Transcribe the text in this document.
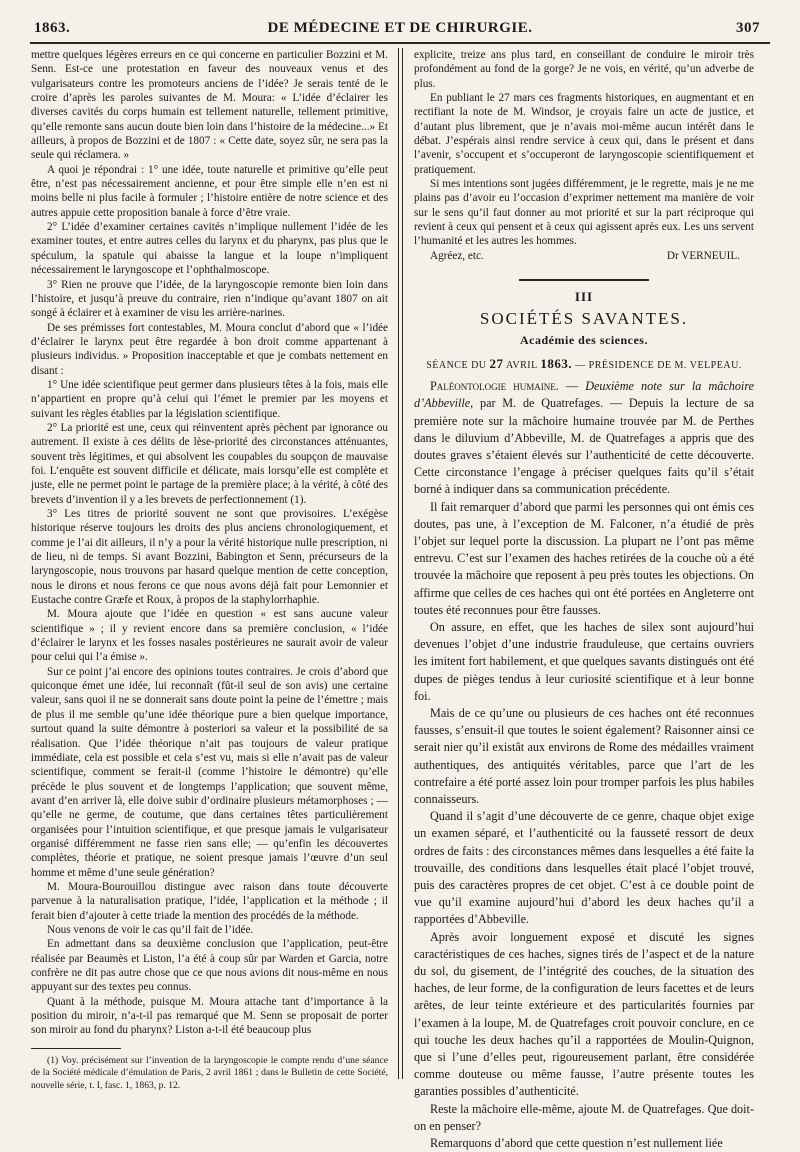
1863.	DE MÉDECINE ET DE CHIRURGIE.	307

mettre quelques légères erreurs en ce qui concerne en particulier Bozzini et M. Senn. Est-ce une protestation en faveur des nouveaux venus et des vulgarisateurs contre les promoteurs anciens de l’idée? Je serais tenté de le croire d’après les paroles suivantes de M. Moura: « L’idée d’éclairer les diverses cavités du corps humain est tellement naturelle, tellement primitive, qu’elle remonte sans aucun doute bien loin dans l’histoire de la médecine...» Et ailleurs, à propos de Bozzini et de 1807 : « Cette date, soyez sûr, ne sera pas la seule qui réclamera. »

A quoi je répondrai : 1° une idée, toute naturelle et primitive qu’elle peut être, n’est pas nécessairement ancienne, et pour être simple elle n’en est ni moins belle ni plus facile à formuler ; l’histoire entière de notre science et des autres appuie cette proposition banale à force d’être vraie.

2° L’idée d’examiner certaines cavités n’implique nullement l’idée de les examiner toutes, et entre autres celles du larynx et du pharynx, pas plus que le spéculum, la spatule qui abaisse la langue et la loupe n’impliquent nécessairement le laryngoscope et l’ophthalmoscope.

3° Rien ne prouve que l’idée, de la laryngoscopie remonte bien loin dans l’histoire, et jusqu’à preuve du contraire, rien n’indique qu’avant 1807 on ait songé à éclairer et à examiner de visu les arrière-narines.

De ses prémisses fort contestables, M. Moura conclut d’abord que « l’idée d’éclairer le larynx peut être regardée à bon droit comme appartenant à plusieurs individus. » Proposition inacceptable et que je combats nettement en disant :

1° Une idée scientifique peut germer dans plusieurs têtes à la fois, mais elle n’appartient en propre qu’à celui qui l’émet le premier par les moyens et suivant les règles établies par la législation scientifique.

2° La priorité est une, ceux qui réinventent après pèchent par ignorance ou autrement. Il existe à ces délits de lèse-priorité des circonstances atténuantes, souvent très légitimes, et qui absolvent les coupables du soupçon de mauvaise foi. L’enquête est souvent difficile et délicate, mais lorsqu’elle est complète et juste, elle ne permet point le partage de la première place; à la vérité, à côté des brevets d’invention il y a les brevets de perfectionnement (1).

3° Les titres de priorité souvent ne sont que provisoires. L’exégèse historique réserve toujours les droits des plus anciens chronologiquement, et comme je l’ai dit ailleurs, il n’y a pour la vérité historique nulle prescription, ni de lieu, ni de temps. Si avant Bozzini, Babington et Senn, précurseurs de la laryngoscopie, nous trouvons par hasard quelque mention de cette conception, nous le dirons et nous ferons ce que nous avons déjà fait pour Lemonnier et Eustache contre Græfe et Roux, à propos de la staphylorrhaphie.

M. Moura ajoute que l’idée en question « est sans aucune valeur scientifique » ; il y revient encore dans sa première conclusion, « l’idée d’éclairer le larynx et les fosses nasales postérieures ne saurait avoir de valeur pour celui qui l’a émise ».

Sur ce point j’ai encore des opinions toutes contraires. Je crois d’abord que quiconque émet une idée, lui reconnaît (fût-il seul de son avis) une certaine valeur, sans quoi il ne se donnerait sans doute point la peine de l’émettre ; mais de plus il me semble qu’une idée théorique pure a bien quelque importance, surtout quand la suite démontre à posteriori sa valeur et la possibilité de sa réalisation. Que l’idée théorique n’ait pas toujours de valeur pratique immédiate, cela est possible et cela s’est vu, mais si elle n’avait pas de valeur scientifique, comment se ferait-il (comme l’histoire le démontre) qu’elle précède le plus souvent et de longtemps l’application; que souvent même, avant d’en arriver là, elle doive subir d’ordinaire plusieurs métamorphoses ; — qu’elle ne germe, de coutume, que dans certaines têtes particulièrement organisées pour l’intuition scientifique, et que presque jamais le vulgarisateur organisé différemment ne fasse rien sans elle; — qu’enfin les découvertes complètes, théorie et pratique, ne soient presque jamais l’œuvre d’un seul homme et même d’une seule génération?

M. Moura-Bourouillou distingue avec raison dans toute découverte parvenue à la naturalisation pratique, l’idée, l’application et la méthode ; il ferait bien d’ajouter à cette triade la mention des procédés de la méthode.

Nous venons de voir le cas qu’il fait de l’idée.

En admettant dans sa deuxième conclusion que l’application, peut-être réalisée par Beaumès et Liston, l’a été à coup sûr par Warden et Garcia, notre confrère ne dit pas autre chose que ce que nous avions dit nous-même en nous appuyant sur des textes peu connus.

Quant à la méthode, puisque M. Moura attache tant d’importance à la position du miroir, n’a-t-il pas remarqué que M. Senn se proposait de porter son miroir au fond du pharynx? Liston a-t-il été beaucoup plus

(1) Voy. précisément sur l’invention de la laryngoscopie le compte rendu d’une séance de la Société médicale d’émulation de Paris, 2 avril 1861 ; dans le Bulletin de cette Société, nouvelle série, t. I, fasc. 1, 1863, p. 12.

explicite, treize ans plus tard, en conseillant de conduire le miroir très profondément au fond de la gorge? Je ne vois, en vérité, qu’un adverbe de plus.

En publiant le 27 mars ces fragments historiques, en augmentant et en rectifiant la note de M. Windsor, je croyais faire un acte de justice, et d’autant plus librement, que je n’avais moi-même aucun intérêt dans le débat. J’espérais ainsi rendre service à ceux qui, dans le présent et dans l’avenir, s’occupent et s’occuperont de laryngoscopie scientifiquement et pratiquement.

Si mes intentions sont jugées différemment, je le regrette, mais je ne me plains pas d’avoir eu l’occasion d’exprimer nettement ma manière de voir sur le sens qu’il faut donner au mot priorité et sur la part réciproque qui revient à ceux qui pensent et à ceux qui agissent après eux. Les uns servent l’humanité et les autres les hommes.

Agréez, etc.	Dr VERNEUIL.
III
SOCIÉTÉS SAVANTES.
Académie des sciences.
SÉANCE DU 27 AVRIL 1863. — PRÉSIDENCE DE M. VELPEAU.

Paléontologie humaine. — Deuxième note sur la mâchoire d’Abbeville, par M. de Quatrefages. — Depuis la lecture de sa première note sur la mâchoire humaine trouvée par M. de Perthes dans le diluvium d’Abbeville, M. de Quatrefages a appris que des doutes graves s’étaient élevés sur l’authenticité de cette découverte. Cette circonstance l’engage à préciser quelques faits qu’il s’était borné à indiquer dans sa communication précédente.

Il fait remarquer d’abord que parmi les personnes qui ont émis ces doutes, pas une, à l’exception de M. Falconer, n’a étudié de près l’objet sur lequel porte la discussion. La plupart ne l’ont pas même entrevu. C’est sur l’examen des haches retirées de la couche où a été trouvée la mâchoire que reposent à peu près toutes les objections. On affirme que celles de ces haches qui ont été portées en Angleterre ont toutes été reconnues pour être fausses.

On assure, en effet, que les haches de silex sont aujourd’hui devenues l’objet d’une industrie frauduleuse, que certains ouvriers les imitent fort habilement, et que quelques savants distingués ont été dupes de pièges tendus à leur curiosité scientifique et à leur bonne foi.

Mais de ce qu’une ou plusieurs de ces haches ont été reconnues fausses, s’ensuit-il que toutes le soient également? Raisonner ainsi ce serait nier qu’il existât aux environs de Rome des médailles vraiment authentiques, des antiquités véritables, parce que l’art de les contrefaire a été porté assez loin pour tromper parfois les plus habiles connaisseurs.

Quand il s’agit d’une découverte de ce genre, chaque objet exige un examen séparé, et l’authenticité ou la fausseté ressort de deux ordres de faits : des circonstances mêmes dans lesquelles a été faite la trouvaille, des conditions dans lesquelles était placé l’objet trouvé, puis des caractères propres de cet objet. C’est à ce double point de vue qu’il examine aujourd’hui d’abord les deux haches qu’il a rapportées d’Abbeville.

Après avoir longuement exposé et discuté les signes caractéristiques de ces haches, signes tirés de l’aspect et de la nature du sol, du gisement, de l’intégrité des couches, de la situation des haches, de leur forme, de la configuration de leurs facettes et de leurs arêtes, de leur teinte extérieure et des particularités fournies par l’examen à la loupe, M. de Quatrefages croit pouvoir conclure, en ce qui touche les deux haches qu’il a rapportées de Moulin-Quignon, que si l’une d’elles peut, rigoureusement parlant, être considérée comme douteuse ou même fausse, l’autre présente toutes les garanties possibles d’authenticité.

Reste la mâchoire elle-même, ajoute M. de Quatrefages. Que doit-on en penser?

Remarquons d’abord que cette question n’est nullement liée
